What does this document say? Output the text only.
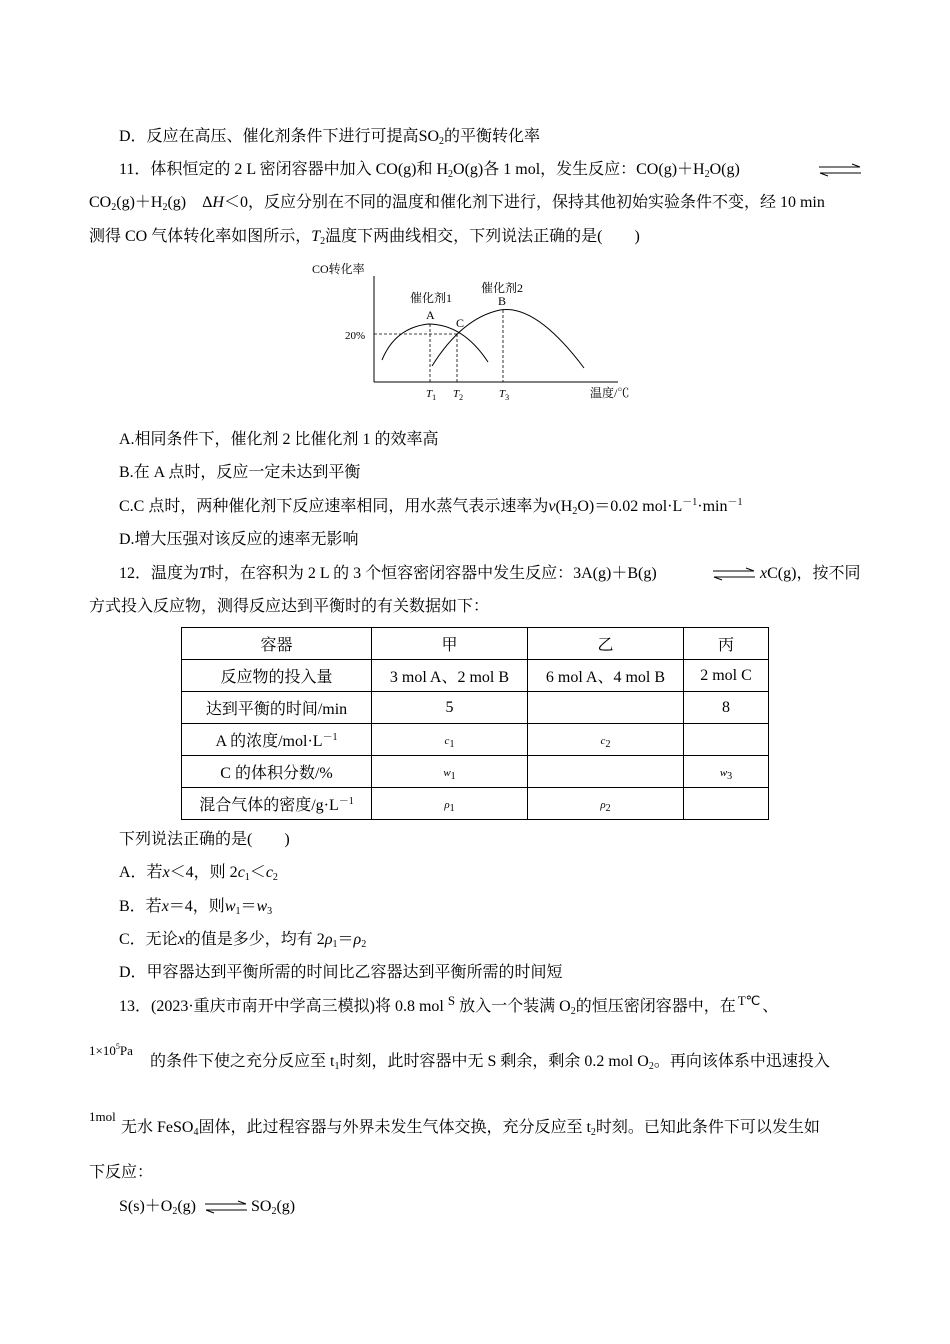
D．反应在高压、催化剂条件下进行可提高$SO_2$的平衡转化率
11．体积恒定的 2 L 密闭容器中加入 CO(g)和 $H_2O(g)$各 1 mol，发生反应：$CO(g)+H_2O(g)$
$CO_2(g)+H_2(g)$　ΔH＜0，反应分别在不同的温度和催化剂下进行，保持其他初始实验条件不变，经 10 min
测得 CO 气体转化率如图所示，$T_2$温度下两曲线相交，下列说法正确的是(　　)
CO转化率
温度/℃
20%
催化剂1
催化剂2
A
B
C
$T_1$ $T_2$	$T_3$
A.相同条件下，催化剂 2 比催化剂 1 的效率高
B.在 A 点时，反应一定未达到平衡
C.C 点时，两种催化剂下反应速率相同，用水蒸气表示速率为$v(H_2O)=0.02$ $mol\cdot L^{-1}\cdot\min^{-1}$
D.增大压强对该反应的速率无影响
12．温度为T时，在容积为 2 L 的 3 个恒容密闭容器中发生反应：3A(g)＋B(g)	⇌ xC(g)，按不同
方式投入反应物，测得反应达到平衡时的有关数据如下：
容器	甲	乙	丙
反应物的投入量	3 mol A、2 mol B	6 mol A、4 mol B	2 mol C
达到平衡的时间/min	5		8
A 的浓度$/mol\cdot L^{-1}$	$c_1$	$c_2$	
C 的体积分数/%	$w_1$		$w_3$
混合气体的密度$/g\cdot L^{-1}$	$\rho_1$	$\rho_2$	
下列说法正确的是(　　)
A．若x＜4，则 $2c_1<c_2$
B．若x＝4，则$w_1=w_3$
C．无论x的值是多少，均有 $2\rho_1=\rho_2$
D．甲容器达到平衡所需的时间比乙容器达到平衡所需的时间短
13．(2023·重庆市南开中学高三模拟)将 0.8 mol $^S$ 放入一个装满 $O_2$的恒压密闭容器中，在 $^{T℃}$ 、
$1\times 10^5Pa$
的条件下使之充分反应至 $t_1$时刻，此时容器中无 S 剩余，剩余 0.2 mol $O_2$。再向该体系中迅速投入
1mol
无水 FeSO$_4$固体，此过程容器与外界未发生气体交换，充分反应至 $t_2$时刻。已知此条件下可以发生如
下反应：
$S(s)+O_2(g)$ ⇌ $SO_2(g)$
